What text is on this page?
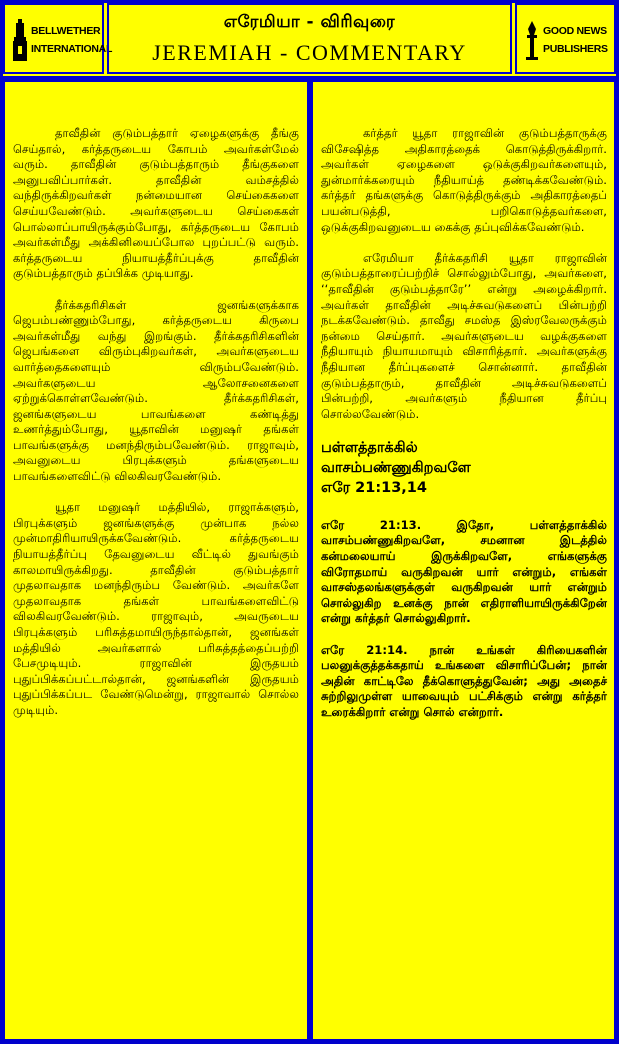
BELLWETHER
INTERNATIONAL
எரேமியா - விரிவுரை
JEREMIAH - COMMENTARY
GOOD NEWS
PUBLISHERS

தாவீதின் குடும்பத்தார் ஏழைகளுக்கு தீங்கு செய்தால், கர்த்தருடைய கோபம் அவர்கள்மேல் வரும். தாவீதின் குடும்பத்தாரும் தீங்குகளை அனுபவிப்பார்கள். தாவீதின் வம்சத்தில் வந்திருக்கிறவர்கள் நன்மையான செய்கைகளை செய்யவேண்டும். அவர்களுடைய செய்கைகள் பொல்லாப்பாயிருக்கும்போது, கர்த்தருடைய கோபம் அவர்கள்மீது அக்கினியைப்போல புறப்பட்டு வரும். கர்த்தருடைய நியாயத்தீர்ப்புக்கு தாவீதின் குடும்பத்தாரும் தப்பிக்க முடியாது.

தீர்க்கதரிசிகள் ஜனங்களுக்காக ஜெபம்பண்ணும்போது, கர்த்தருடைய கிருபை அவர்கள்மீது வந்து இறங்கும். தீர்க்கதரிசிகளின் ஜெபங்களை விரும்புகிறவர்கள், அவர்களுடைய வார்த்தைகளையும் விரும்பவேண்டும். அவர்களுடைய ஆலோசனைகளை ஏற்றுக்கொள்ளவேண்டும். தீர்க்கதரிசிகள், ஜனங்களுடைய பாவங்களை கண்டித்து உணர்த்தும்போது, யூதாவின் மனுஷர் தங்கள் பாவங்களுக்கு மனந்திரும்பவேண்டும். ராஜாவும், அவனுடைய பிரபுக்களும் தங்களுடைய பாவங்களைவிட்டு விலகிவரவேண்டும்.

யூதா மனுஷர் மத்தியில், ராஜாக்களும், பிரபுக்களும் ஜனங்களுக்கு முன்பாக நல்ல முன்மாதிரியாயிருக்கவேண்டும். கர்த்தருடைய நியாயத்தீர்ப்பு தேவனுடைய வீட்டில் துவங்கும் காலமாயிருக்கிறது. தாவீதின் குடும்பத்தார் முதலாவதாக மனந்திரும்ப வேண்டும். அவர்களே முதலாவதாக தங்கள் பாவங்களைவிட்டு விலகிவரவேண்டும். ராஜாவும், அவருடைய பிரபுக்களும் பரிசுத்தமாயிருந்தால்தான், ஜனங்கள் மத்தியில் அவர்களால் பரிசுத்தத்தைப்பற்றி பேசமுடியும். ராஜாவின் இருதயம் புதுப்பிக்கப்பட்டால்தான், ஜனங்களின் இருதயம் புதுப்பிக்கப்பட வேண்டுமென்று, ராஜாவால் சொல்ல முடியும்.

கர்த்தர் யூதா ராஜாவின் குடும்பத்தாருக்கு விசேஷித்த அதிகாரத்தைக் கொடுத்திருக்கிறார். அவர்கள் ஏழைகளை ஒடுக்குகிறவர்களையும், துன்மார்க்கரையும் நீதியாய்த் தண்டிக்கவேண்டும். கர்த்தர் தங்களுக்கு கொடுத்திருக்கும் அதிகாரத்தைப் பயன்படுத்தி, பறிகொடுத்தவர்களை, ஒடுக்குகிறவனுடைய கைக்கு தப்புவிக்கவேண்டும்.

எரேமியா தீர்க்கதரிசி யூதா ராஜாவின் குடும்பத்தாரைப்பற்றிச் சொல்லும்போது, அவர்களை, ‘‘தாவீதின் குடும்பத்தாரே’’ என்று அழைக்கிறார். அவர்கள் தாவீதின் அடிச்சுவடுகளைப் பின்பற்றி நடக்கவேண்டும். தாவீது சமஸ்த இஸ்ரவேலருக்கும் நன்மை செய்தார். அவர்களுடைய வழக்குகளை நீதியாயும் நியாயமாயும் விசாரித்தார். அவர்களுக்கு நீதியான தீர்ப்புகளைச் சொன்னார். தாவீதின் குடும்பத்தாரும், தாவீதின் அடிச்சுவடுகளைப் பின்பற்றி, அவர்களும் நீதியான தீர்ப்பு சொல்லவேண்டும்.

பள்ளத்தாக்கில்
வாசம்பண்ணுகிறவளே
எரே 21:13,14
எரே 21:13. இதோ, பள்ளத்தாக்கில் வாசம்பண்ணுகிறவளே, சமனான இடத்தில் கன்மலையாய் இருக்கிறவளே, எங்களுக்கு விரோதமாய் வருகிறவன் யார் என்றும், எங்கள் வாசஸ்தலங்களுக்குள் வருகிறவன் யார் என்றும் சொல்லுகிற உனக்கு நான் எதிராளியாயிருக்கிறேன் என்று கர்த்தர் சொல்லுகிறார்.
எரே 21:14. நான் உங்கள் கிரியைகளின் பலனுக்குத்தக்கதாய் உங்களை விசாரிப்பேன்; நான் அதின் காட்டிலே தீக்கொளுத்துவேன்; அது அதைச் சுற்றிலுமுள்ள யாவையும் பட்சிக்கும் என்று கர்த்தர் உரைக்கிறார் என்று சொல் என்றார்.
